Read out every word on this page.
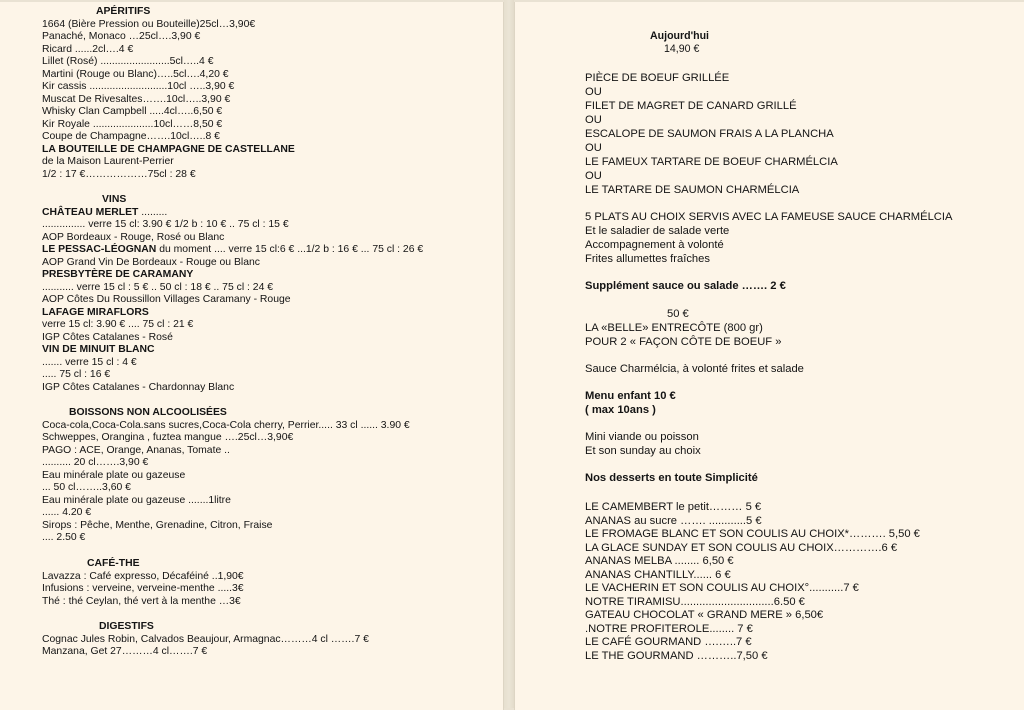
APÉRITIFS
1664 (Bière Pression ou Bouteille)25cl…3,90€
Panaché, Monaco …25cl….3,90 €
Ricard ......2cl….4 €
Lillet (Rosé) ........................5cl…..4 €
Martini (Rouge ou Blanc)…..5cl….4,20 €
Kir cassis ...........................10cl …..3,90 €
Muscat De Rivesaltes…….10cl…..3,90 €
Whisky Clan Campbell .....4cl…..6,50 €
Kir Royale .....................10cl……8,50 €
Coupe de Champagne…….10cl…..8 €
LA BOUTEILLE DE CHAMPAGNE DE CASTELLANE
de la Maison Laurent-Perrier
1/2 : 17 €………………75cl : 28 €
VINS
CHÂTEAU MERLET .........
............... verre 15 cl: 3.90 € 1/2 b : 10 € .. 75 cl : 15 €
AOP Bordeaux - Rouge, Rosé ou Blanc
LE PESSAC-LÉOGNAN du moment .... verre 15 cl:6 € ...1/2 b : 16 € ... 75 cl : 26 €
AOP Grand Vin De Bordeaux - Rouge ou Blanc
PRESBYTÈRE DE CARAMANY
........... verre 15 cl : 5 € .. 50 cl : 18 € .. 75 cl : 24 €
AOP Côtes Du Roussillon Villages Caramany - Rouge
LAFAGE MIRAFLORS
verre 15 cl: 3.90 € .... 75 cl : 21 €
IGP Côtes Catalanes - Rosé
VIN DE MINUIT BLANC
....... verre 15 cl : 4 €
..... 75 cl : 16 €
IGP Côtes Catalanes - Chardonnay Blanc
BOISSONS NON ALCOOLISÉES
Coca-cola,Coca-Cola.sans sucres,Coca-Cola cherry, Perrier..... 33 cl ...... 3.90 €
Schweppes, Orangina , fuztea mangue ….25cl…3,90€
PAGO : ACE, Orange, Ananas, Tomate ..
.......... 20 cl…….3,90 €
Eau minérale plate ou gazeuse
... 50 cl……..3,60 €
Eau minérale plate ou gazeuse .......1litre
...... 4.20 €
Sirops : Pêche, Menthe, Grenadine, Citron, Fraise
.... 2.50 €
CAFÉ-THE
Lavazza : Café expresso, Décaféiné ..1,90€
Infusions : verveine, verveine-menthe .....3€
Thé : thé Ceylan, thé vert à la menthe …3€
DIGESTIFS
Cognac Jules Robin, Calvados Beaujour, Armagnac………4 cl …….7 €
Manzana, Get 27………4 cl…….7 €
Aujourd'hui
14,90 €
PIÈCE DE BOEUF GRILLÉE
OU
FILET DE MAGRET DE CANARD GRILLÉ
OU
ESCALOPE DE SAUMON FRAIS A LA PLANCHA
OU
LE FAMEUX TARTARE DE BOEUF CHARMÉLCIA
OU
LE TARTARE DE SAUMON CHARMÉLCIA
5 PLATS AU CHOIX SERVIS AVEC LA FAMEUSE SAUCE CHARMÉLCIA
Et le saladier de salade verte
Accompagnement à volonté
Frites allumettes fraîches
Supplément sauce ou salade ……. 2 €
50 €
LA «BELLE» ENTRECÔTE (800 gr)
POUR 2 « FAÇON CÔTE DE BOEUF »
Sauce Charmélcia, à volonté frites et salade
Menu enfant 10 €
( max 10ans )
Mini viande ou poisson
Et son sunday au choix
Nos desserts en toute Simplicité
LE CAMEMBERT le petit……… 5 €
ANANAS au sucre ……. ............5 €
LE FROMAGE BLANC ET SON COULIS AU CHOIX*………. 5,50 €
LA GLACE SUNDAY ET SON COULIS AU CHOIX………….6 €
ANANAS MELBA ........ 6,50 €
ANANAS CHANTILLY...... 6 €
LE VACHERIN ET SON COULIS AU CHOIX°...........7 €
NOTRE TIRAMISU..............................6.50 €
GATEAU CHOCOLAT « GRAND MERE » 6,50€
.NOTRE PROFITEROLE........ 7 €
LE CAFÉ GOURMAND ….…..7 €
LE THE GOURMAND ………..7,50 €
